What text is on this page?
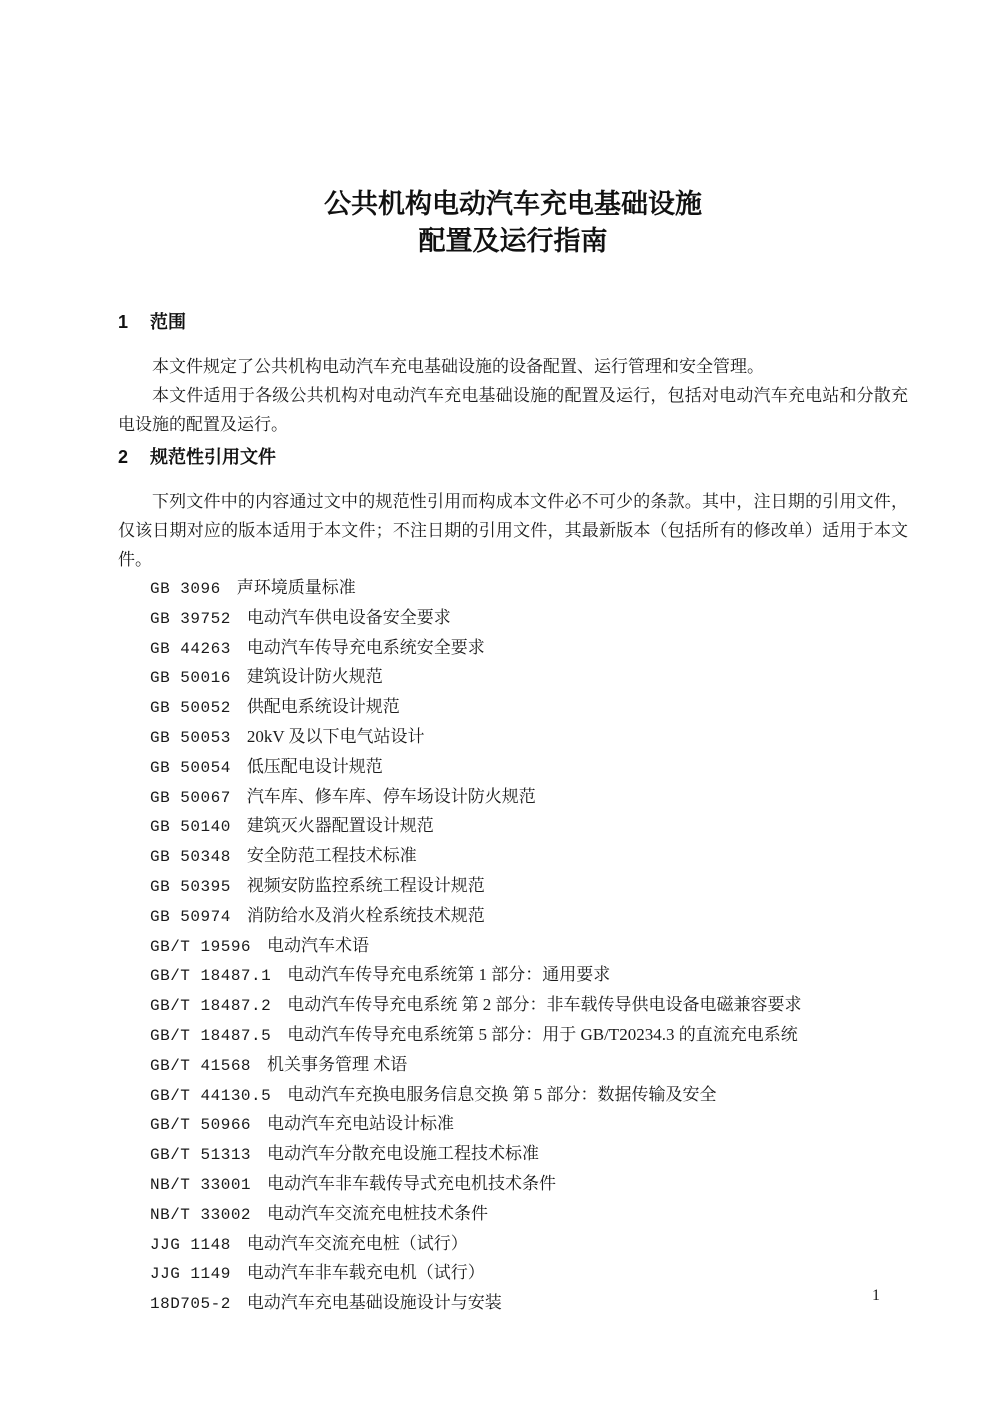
公共机构电动汽车充电基础设施
配置及运行指南
1 范围

本文件规定了公共机构电动汽车充电基础设施的设备配置、运行管理和安全管理。

本文件适用于各级公共机构对电动汽车充电基础设施的配置及运行，包括对电动汽车充电站和分散充电设施的配置及运行。

2 规范性引用文件

下列文件中的内容通过文中的规范性引用而构成本文件必不可少的条款。其中，注日期的引用文件，仅该日期对应的版本适用于本文件；不注日期的引用文件，其最新版本（包括所有的修改单）适用于本文件。

GB 3096 声环境质量标准
GB 39752 电动汽车供电设备安全要求
GB 44263 电动汽车传导充电系统安全要求
GB 50016 建筑设计防火规范
GB 50052 供配电系统设计规范
GB 50053 20kV 及以下电气站设计
GB 50054 低压配电设计规范
GB 50067 汽车库、修车库、停车场设计防火规范
GB 50140 建筑灭火器配置设计规范
GB 50348 安全防范工程技术标准
GB 50395 视频安防监控系统工程设计规范
GB 50974 消防给水及消火栓系统技术规范
GB/T 19596 电动汽车术语
GB/T 18487.1 电动汽车传导充电系统第 1 部分：通用要求
GB/T 18487.2 电动汽车传导充电系统 第 2 部分：非车载传导供电设备电磁兼容要求
GB/T 18487.5 电动汽车传导充电系统第 5 部分：用于 GB/T20234.3 的直流充电系统
GB/T 41568 机关事务管理 术语
GB/T 44130.5 电动汽车充换电服务信息交换 第 5 部分：数据传输及安全
GB/T 50966 电动汽车充电站设计标准
GB/T 51313 电动汽车分散充电设施工程技术标准
NB/T 33001 电动汽车非车载传导式充电机技术条件
NB/T 33002 电动汽车交流充电桩技术条件
JJG 1148 电动汽车交流充电桩（试行）
JJG 1149 电动汽车非车载充电机（试行）
18D705-2 电动汽车充电基础设施设计与安装	1
